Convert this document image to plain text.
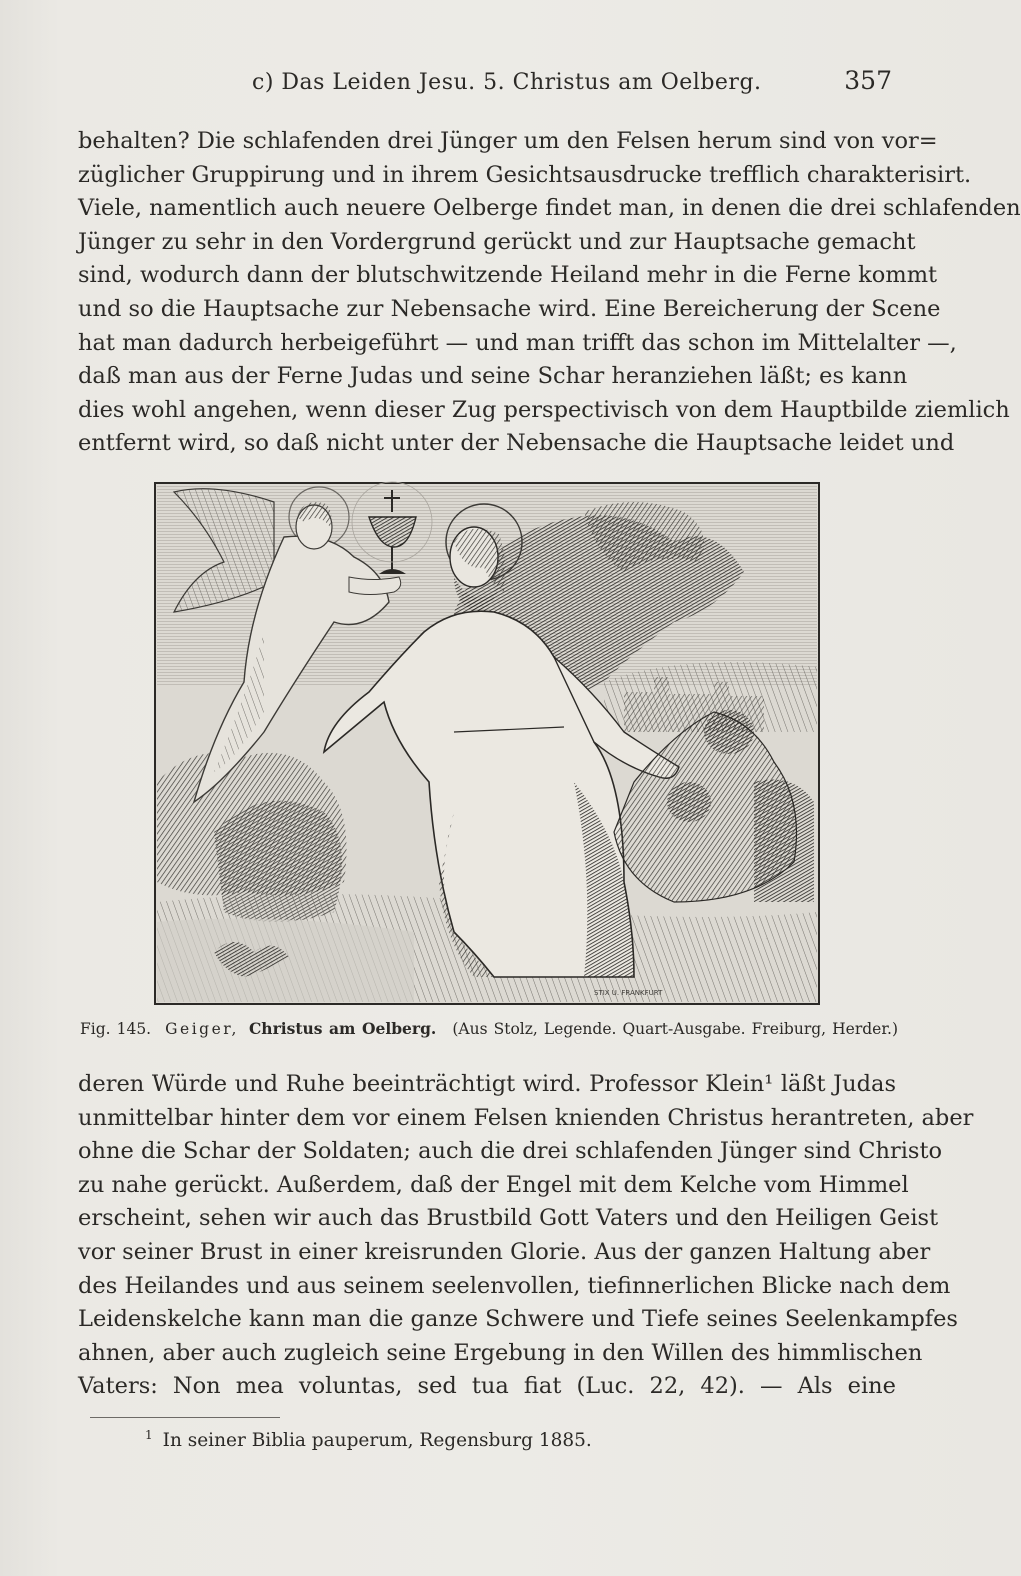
c) Das Leiden Jesu. 5. Christus am Oelberg.	357

behalten? Die schlafenden drei Jünger um den Felsen herum sind von vor=

züglicher Gruppirung und in ihrem Gesichtsausdrucke trefflich charakterisirt.

Viele, namentlich auch neuere Oelberge findet man, in denen die drei schlafenden

Jünger zu sehr in den Vordergrund gerückt und zur Hauptsache gemacht

sind, wodurch dann der blutschwitzende Heiland mehr in die Ferne kommt

und so die Hauptsache zur Nebensache wird. Eine Bereicherung der Scene

hat man dadurch herbeigeführt — und man trifft das schon im Mittelalter —,

daß man aus der Ferne Judas und seine Schar heranziehen läßt; es kann

dies wohl angehen, wenn dieser Zug perspectivisch von dem Hauptbilde ziemlich

entfernt wird, so daß nicht unter der Nebensache die Hauptsache leidet und

STIX U. FRANKFURT
Fig. 145. Geiger, Christus am Oelberg. (Aus Stolz, Legende. Quart-Ausgabe. Freiburg, Herder.)

deren Würde und Ruhe beeinträchtigt wird. Professor Klein¹ läßt Judas

unmittelbar hinter dem vor einem Felsen knienden Christus herantreten, aber

ohne die Schar der Soldaten; auch die drei schlafenden Jünger sind Christo

zu nahe gerückt. Außerdem, daß der Engel mit dem Kelche vom Himmel

erscheint, sehen wir auch das Brustbild Gott Vaters und den Heiligen Geist

vor seiner Brust in einer kreisrunden Glorie. Aus der ganzen Haltung aber

des Heilandes und aus seinem seelenvollen, tiefinnerlichen Blicke nach dem

Leidenskelche kann man die ganze Schwere und Tiefe seines Seelenkampfes

ahnen, aber auch zugleich seine Ergebung in den Willen des himmlischen

Vaters: Non mea voluntas, sed tua fiat (Luc. 22, 42). — Als eine

$^1$ In seiner Biblia pauperum, Regensburg 1885.
